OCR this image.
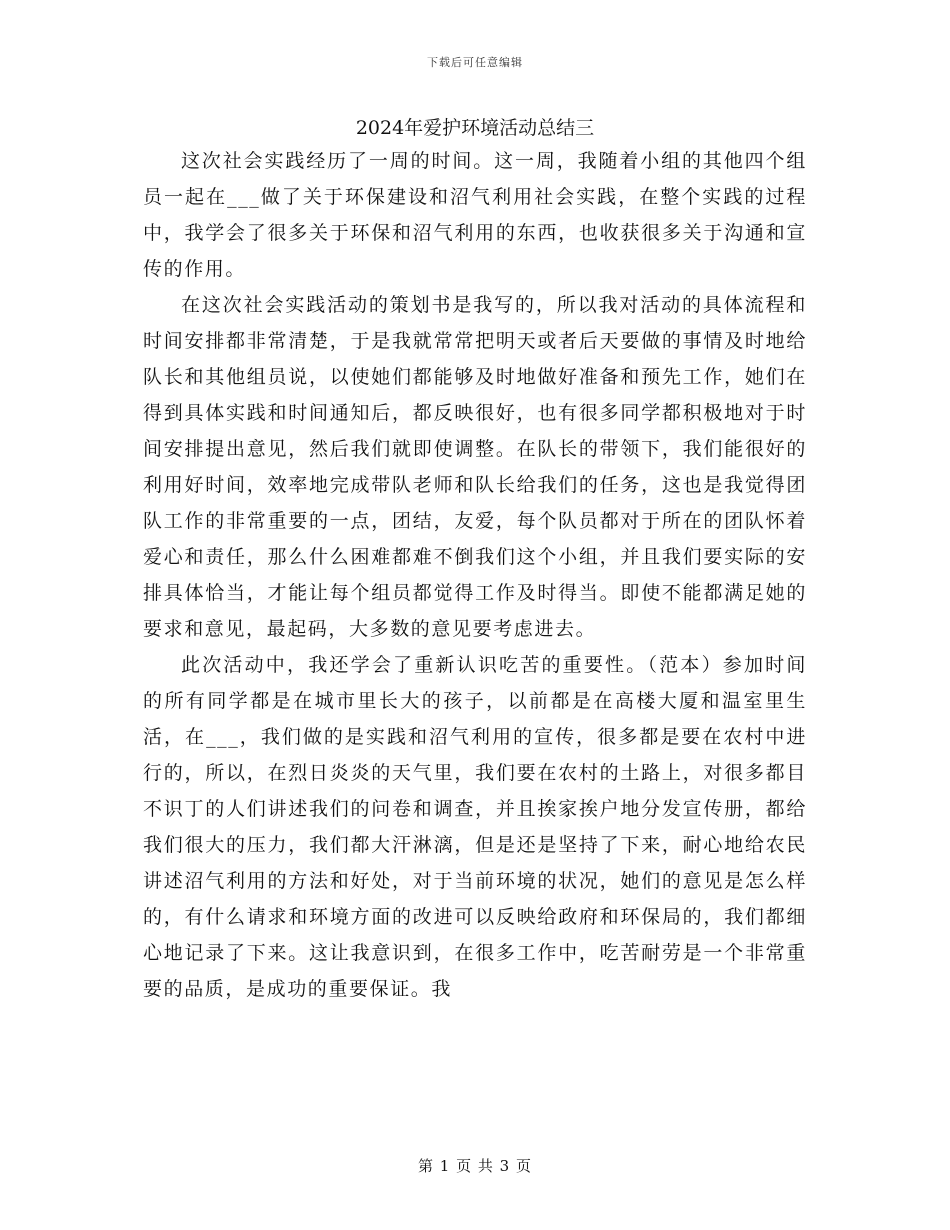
下载后可任意编辑
2024年爱护环境活动总结三

这次社会实践经历了一周的时间。这一周，我随着小组的其他四个组员一起在___做了关于环保建设和沼气利用社会实践，在整个实践的过程中，我学会了很多关于环保和沼气利用的东西，也收获很多关于沟通和宣传的作用。

在这次社会实践活动的策划书是我写的，所以我对活动的具体流程和时间安排都非常清楚，于是我就常常把明天或者后天要做的事情及时地给队长和其他组员说，以使她们都能够及时地做好准备和预先工作，她们在得到具体实践和时间通知后，都反映很好，也有很多同学都积极地对于时间安排提出意见，然后我们就即使调整。在队长的带领下，我们能很好的利用好时间，效率地完成带队老师和队长给我们的任务，这也是我觉得团队工作的非常重要的一点，团结，友爱，每个队员都对于所在的团队怀着爱心和责任，那么什么困难都难不倒我们这个小组，并且我们要实际的安排具体恰当，才能让每个组员都觉得工作及时得当。即使不能都满足她的要求和意见，最起码，大多数的意见要考虑进去。

此次活动中，我还学会了重新认识吃苦的重要性。（范本）参加时间的所有同学都是在城市里长大的孩子，以前都是在高楼大厦和温室里生活，在___，我们做的是实践和沼气利用的宣传，很多都是要在农村中进行的，所以，在烈日炎炎的天气里，我们要在农村的土路上，对很多都目不识丁的人们讲述我们的问卷和调查，并且挨家挨户地分发宣传册，都给我们很大的压力，我们都大汗淋漓，但是还是坚持了下来，耐心地给农民讲述沼气利用的方法和好处，对于当前环境的状况，她们的意见是怎么样的，有什么请求和环境方面的改进可以反映给政府和环保局的，我们都细心地记录了下来。这让我意识到，在很多工作中，吃苦耐劳是一个非常重要的品质，是成功的重要保证。我

第 1 页 共 3 页
